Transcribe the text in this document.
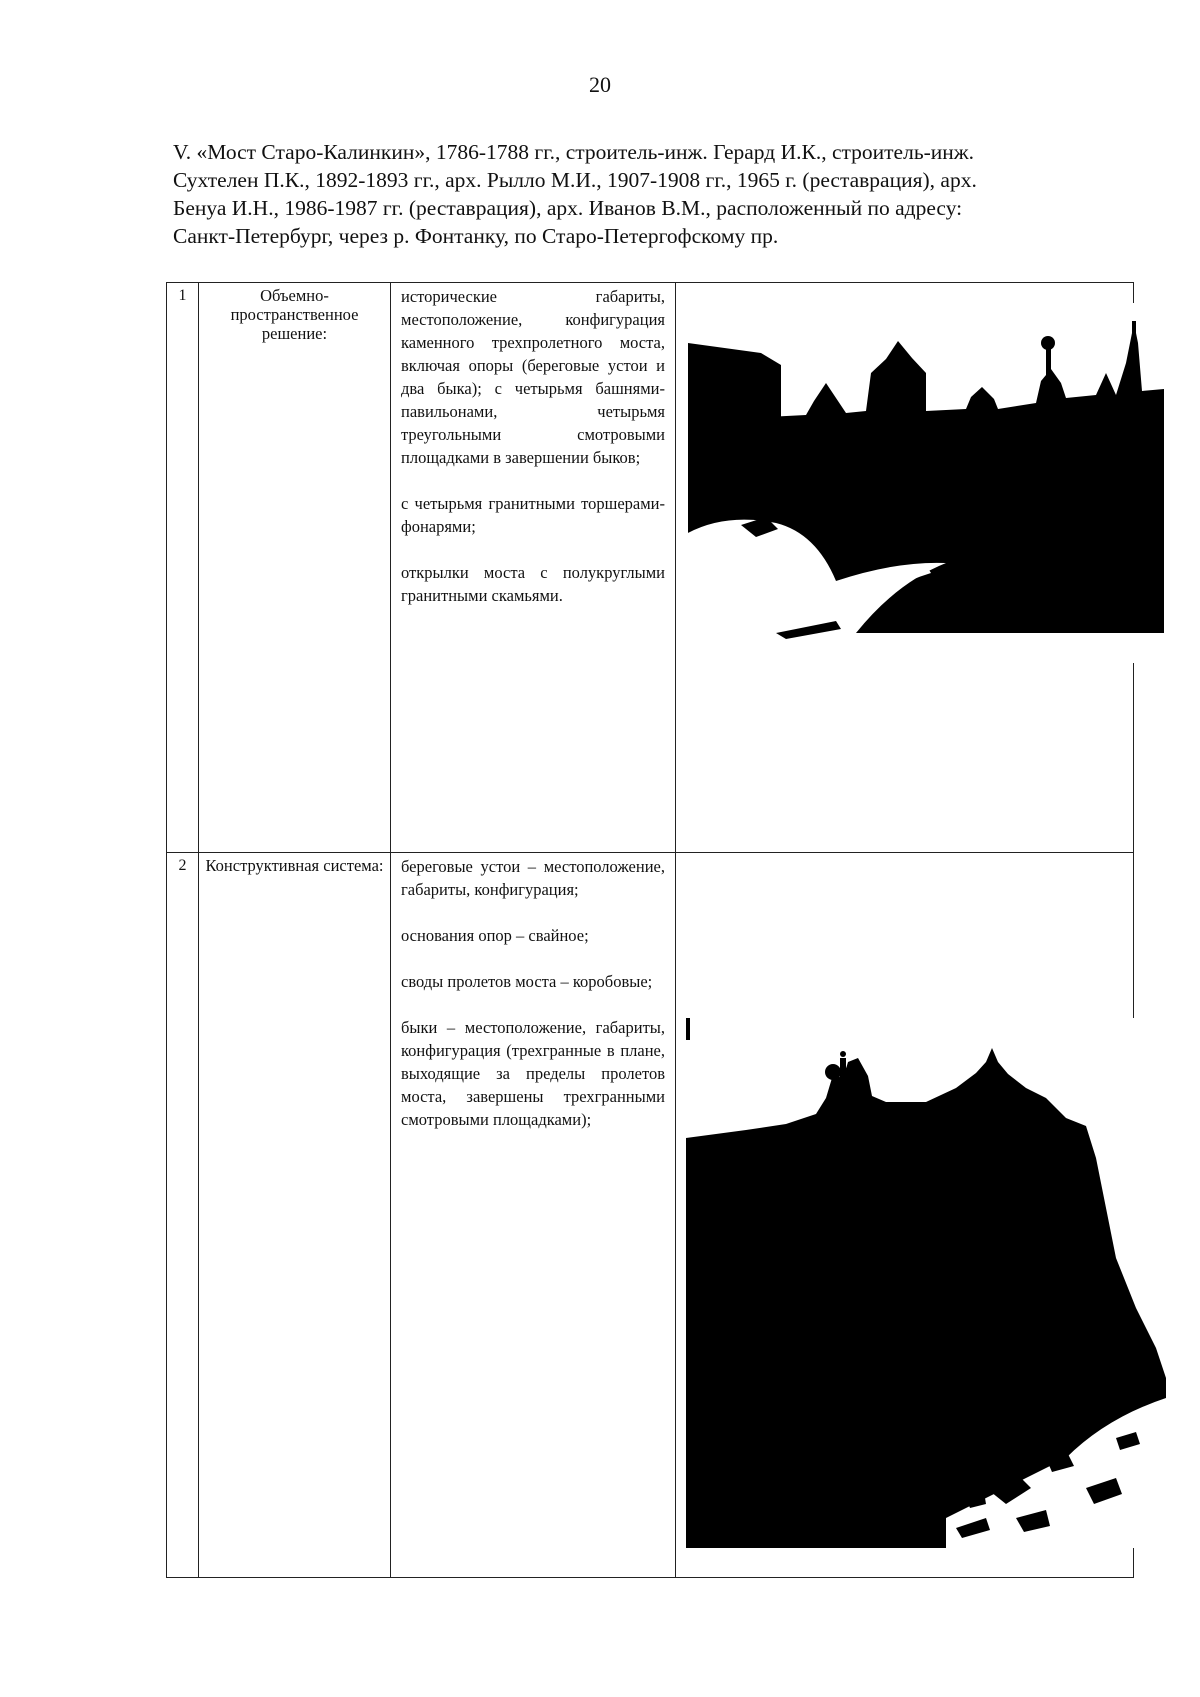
20
V. «Мост Старо-Калинкин», 1786-1788 гг., строитель-инж. Герард И.К., строитель-инж.
Сухтелен П.К., 1892-1893 гг., арх. Рылло М.И., 1907-1908 гг., 1965 г. (реставрация), арх.
Бенуа И.Н., 1986-1987 гг. (реставрация), арх. Иванов В.М., расположенный по адресу:
Санкт-Петербург, через р. Фонтанку, по Старо-Петергофскому пр.
1	Объемно-пространственное решение:	исторические габариты, местоположение, конфигурация каменного трехпролетного моста, включая опоры (береговые устои и два быка); с четырьмя башнями-павильонами, четырьмя треугольными смотровыми площадками в завершении быков;

с четырьмя гранитными торшерами-фонарями;

открылки моста с полукруглыми гранитными скамьями.

2	Конструктивная система:	береговые устои – местоположение, габариты, конфигурация;

основания опор – свайное;

своды пролетов моста – коробовые;

быки – местоположение, габариты, конфигурация (трехгранные в плане, выходящие за пределы пролетов моста, завершены трехгранными смотровыми площадками);
